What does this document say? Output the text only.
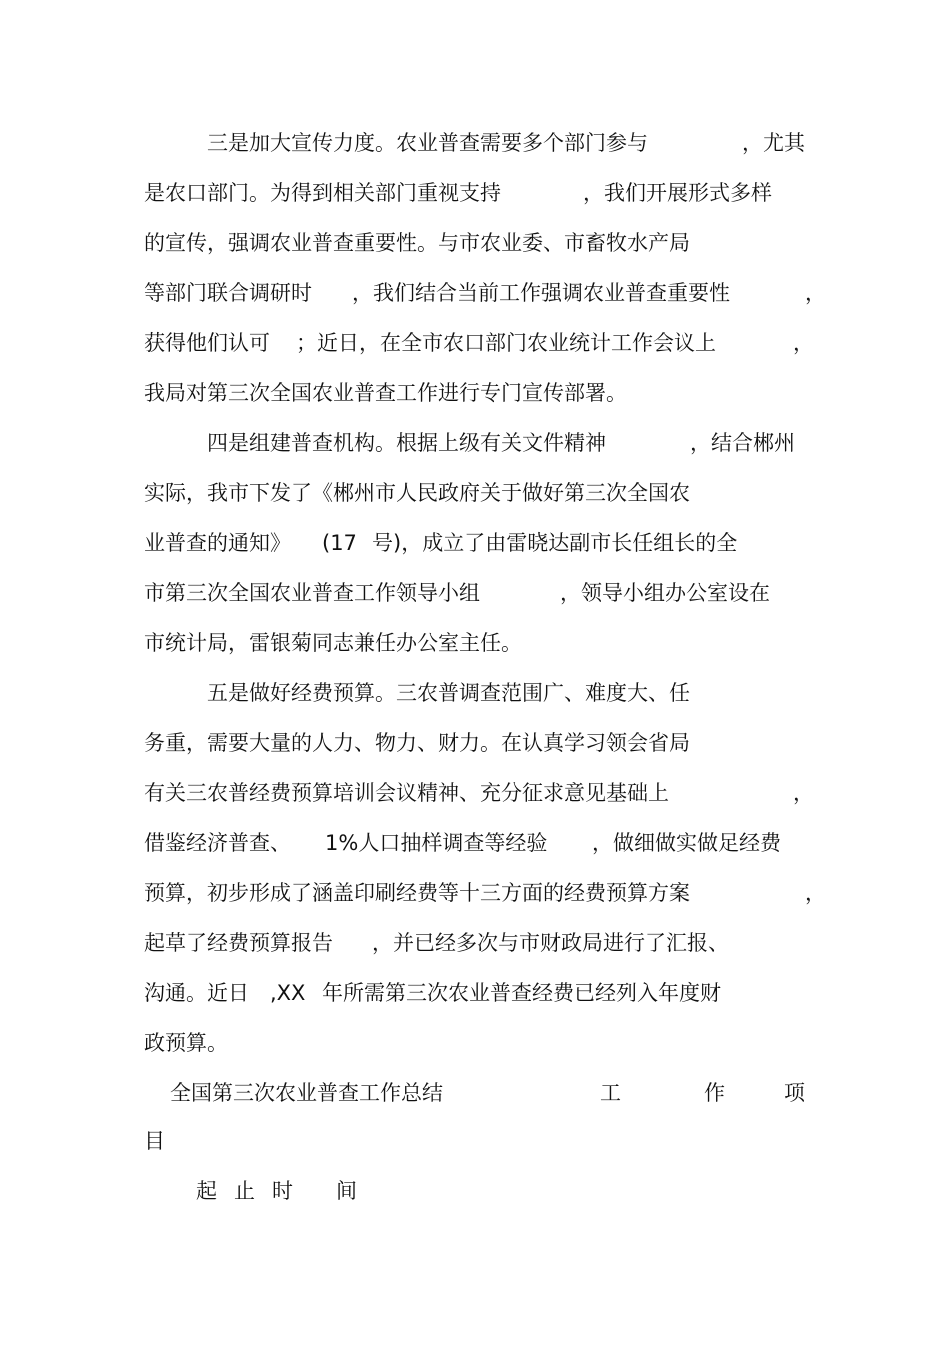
三是加大宣传力度。农业普查需要多个部门参与	，尤其
是农口部门。为得到相关部门重视支持	，我们开展形式多样
的宣传，强调农业普查重要性。与市农业委、市畜牧水产局
等部门联合调研时 ，我们结合当前工作强调农业普查重要性	，
获得他们认可 ；近日，在全市农口部门农业统计工作会议上	，
我局对第三次全国农业普查工作进行专门宣传部署。
四是组建普查机构。根据上级有关文件精神	，结合郴州
实际，我市下发了《郴州市人民政府关于做好第三次全国农
业普查的通知》 (17 号)，成立了由雷晓达副市长任组长的全
市第三次全国农业普查工作领导小组	，领导小组办公室设在
市统计局，雷银菊同志兼任办公室主任。
五是做好经费预算。三农普调查范围广、难度大、任
务重，需要大量的人力、物力、财力。在认真学习领会省局
有关三农普经费预算培训会议精神、充分征求意见基础上	，
借鉴经济普查、 1%人口抽样调查等经验 ，做细做实做足经费
预算，初步形成了涵盖印刷经费等十三方面的经费预算方案	，
起草了经费预算报告 ，并已经多次与市财政局进行了汇报、
沟通。近日 ,XX 年所需第三次农业普查经费已经列入年度财
政预算。
全国第三次农业普查工作总结	工	作	项
目
起 止 时 间
